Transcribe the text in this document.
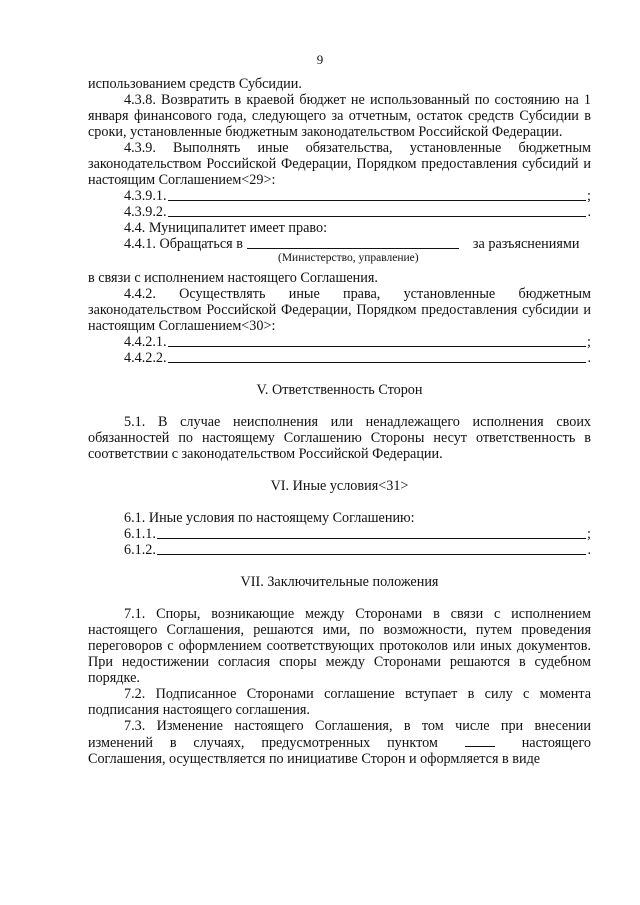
9
использованием средств Субсидии.
4.3.8. Возвратить в краевой бюджет не использованный по состоянию на 1 января финансового года, следующего за отчетным, остаток средств Субсидии в сроки, установленные бюджетным законодательством Российской Федерации.
4.3.9. Выполнять иные обязательства, установленные бюджетным законодательством Российской Федерации, Порядком предоставления субсидий и настоящим Соглашением<29>:
4.3.9.1.	;
4.3.9.2.	.
4.4. Муниципалитет имеет право:
4.4.1. Обращаться в	за разъяснениями
(Министерство, управление)
в связи с исполнением настоящего Соглашения.
4.4.2. Осуществлять иные права, установленные бюджетным законодательством Российской Федерации, Порядком предоставления субсидии и настоящим Соглашением<30>:
4.4.2.1.	;
4.4.2.2.	.
V. Ответственность Сторон
5.1. В случае неисполнения или ненадлежащего исполнения своих обязанностей по настоящему Соглашению Стороны несут ответственность в соответствии с законодательством Российской Федерации.
VI. Иные условия<31>
6.1. Иные условия по настоящему Соглашению:
6.1.1.	;
6.1.2.	.
VII. Заключительные положения
7.1. Споры, возникающие между Сторонами в связи с исполнением настоящего Соглашения, решаются ими, по возможности, путем проведения переговоров с оформлением соответствующих протоколов или иных документов. При недостижении согласия споры между Сторонами решаются в судебном порядке.
7.2. Подписанное Сторонами соглашение вступает в силу с момента подписания настоящего соглашения.
7.3. Изменение настоящего Соглашения, в том числе при внесении изменений в случаях, предусмотренных пунктом	настоящего Соглашения, осуществляется по инициативе Сторон и оформляется в виде
